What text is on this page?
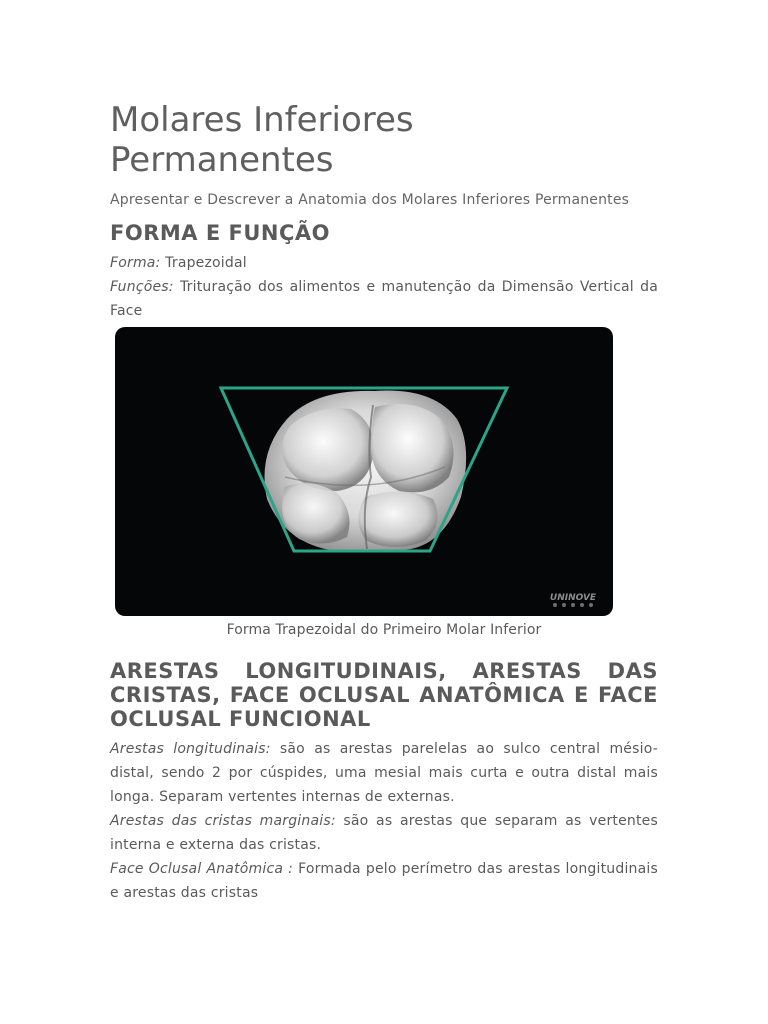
Molares Inferiores
Permanentes

Apresentar e Descrever a Anatomia dos Molares Inferiores Permanentes

FORMA E FUNÇÃO

Forma: Trapezoidal

Funções: Trituração dos alimentos e manutenção da Dimensão Vertical da Face

UNINOVE

Forma Trapezoidal do Primeiro Molar Inferior

ARESTAS LONGITUDINAIS, ARESTAS DAS CRISTAS, FACE OCLUSAL ANATÔMICA E FACE OCLUSAL FUNCIONAL

Arestas longitudinais: são as arestas parelelas ao sulco central mésio-distal, sendo 2 por cúspides, uma mesial mais curta e outra distal mais longa. Separam vertentes internas de externas.

Arestas das cristas marginais: são as arestas que separam as vertentes interna e externa das cristas.

Face Oclusal Anatômica : Formada pelo perímetro das arestas longitudinais e arestas das cristas
